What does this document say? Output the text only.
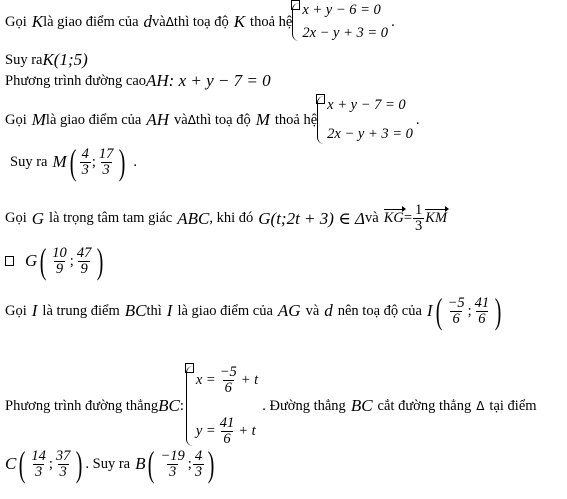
Gọi K là giao điểm của d và Δ thì toạ độ K thoả hệ
x + y − 6 = 0
2x − y + 3 = 0
.
Suy ra K(1;5)
Phương trình đường cao AH : x + y − 7 = 0
Gọi M là giao điểm của AH và Δ thì toạ độ M thoả hệ
x + y − 7 = 0
2x − y + 3 = 0
.
Suy ra M ( $\frac{4}{3}$ ; $\frac{17}{3}$ ) .
Gọi G là trọng tâm tam giác ABC , khi đó G(t;2t + 3) ∈ Δ và KG = $\frac{1}{3}$ KM
G ( $\frac{10}{9}$ ; $\frac{47}{9}$ )
Gọi I là trung điểm BC thì I là giao điểm của AG và d nên toạ độ của I ( $\frac{-5}{6}$ ; $\frac{41}{6}$ )
Phương trình đường thẳng BC :
$x = \frac{-5}{6} + t$
$y = \frac{41}{6} + t$
. Đường thẳng BC cắt đường thẳng Δ tại điểm
C ( $\frac{14}{3}$ ; $\frac{37}{3}$ ) . Suy ra B ( $\frac{-19}{3}$ ; $\frac{4}{3}$ )
